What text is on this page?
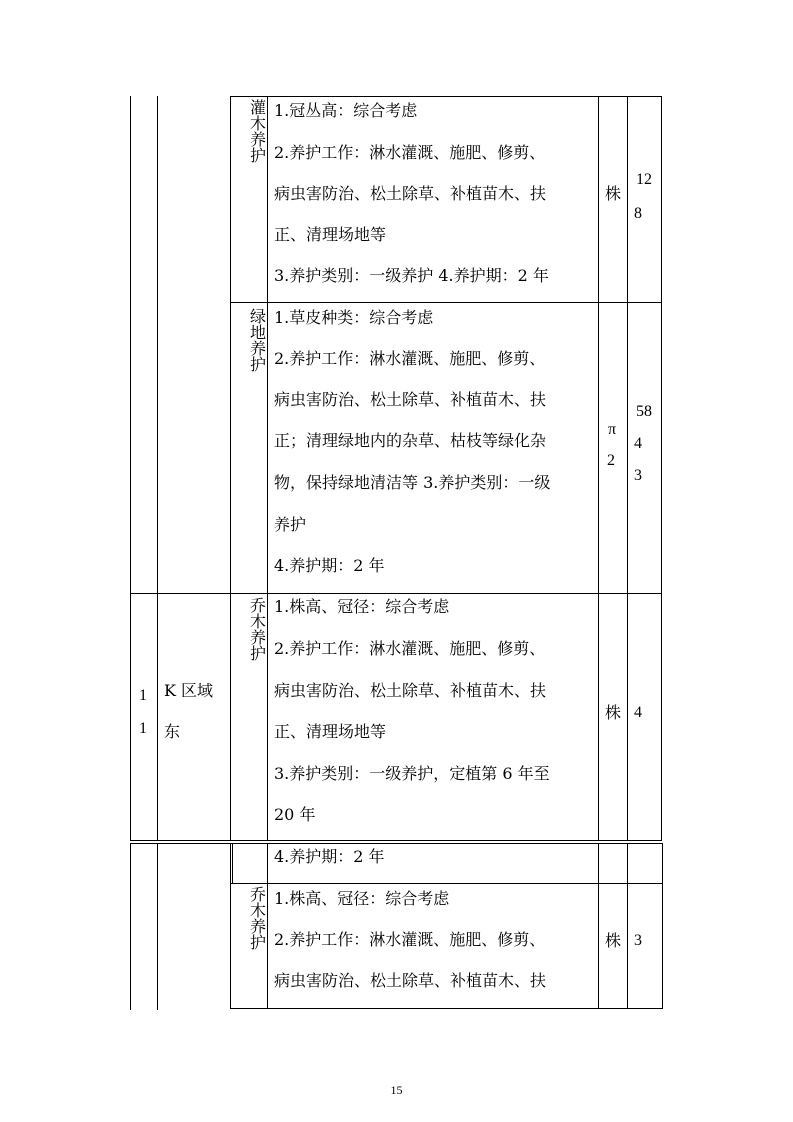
灌木养护
1.冠丛高：综合考虑
2.养护工作：淋水灌溉、施肥、修剪、
病虫害防治、松土除草、补植苗木、扶
正、清理场地等
3.养护类别：一级养护 4.养护期：2 年
株
12
8
绿地养护
1.草皮种类：综合考虑
2.养护工作：淋水灌溉、施肥、修剪、
病虫害防治、松土除草、补植苗木、扶
正；清理绿地内的杂草、枯枝等绿化杂
物，保持绿地清洁等 3.养护类别：一级
养护
4.养护期：2 年
π
2
58
4
3
1
1
K 区域
东
乔木养护
1.株高、冠径：综合考虑
2.养护工作：淋水灌溉、施肥、修剪、
病虫害防治、松土除草、补植苗木、扶
正、清理场地等
3.养护类别：一级养护，定植第 6 年至
20 年
株 4
4.养护期：2 年
乔木养护
1.株高、冠径：综合考虑
2.养护工作：淋水灌溉、施肥、修剪、
病虫害防治、松土除草、补植苗木、扶
株 3
15
